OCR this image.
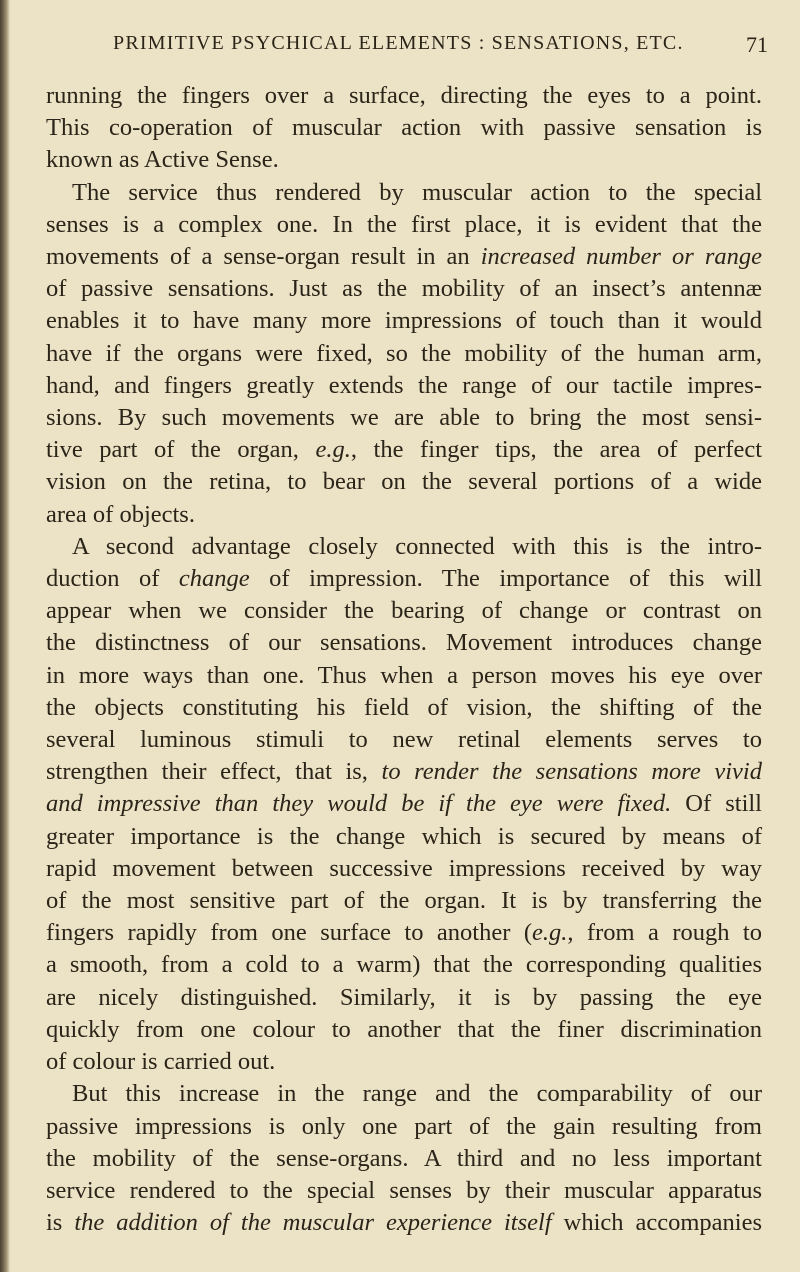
PRIMITIVE PSYCHICAL ELEMENTS : SENSATIONS, ETC.	71
running the fingers over a surface, directing the eyes to a point.
This co-operation of muscular action with passive sensation is
known as Active Sense.
The service thus rendered by muscular action to the special
senses is a complex one. In the first place, it is evident that the
movements of a sense-organ result in an increased number or range
of passive sensations. Just as the mobility of an insect’s antennæ
enables it to have many more impressions of touch than it would
have if the organs were fixed, so the mobility of the human arm,
hand, and fingers greatly extends the range of our tactile impres-
sions. By such movements we are able to bring the most sensi-
tive part of the organ, e.g., the finger tips, the area of perfect
vision on the retina, to bear on the several portions of a wide
area of objects.
A second advantage closely connected with this is the intro-
duction of change of impression. The importance of this will
appear when we consider the bearing of change or contrast on
the distinctness of our sensations. Movement introduces change
in more ways than one. Thus when a person moves his eye over
the objects constituting his field of vision, the shifting of the
several luminous stimuli to new retinal elements serves to
strengthen their effect, that is, to render the sensations more vivid
and impressive than they would be if the eye were fixed. Of still
greater importance is the change which is secured by means of
rapid movement between successive impressions received by way
of the most sensitive part of the organ. It is by transferring the
fingers rapidly from one surface to another (e.g., from a rough to
a smooth, from a cold to a warm) that the corresponding qualities
are nicely distinguished. Similarly, it is by passing the eye
quickly from one colour to another that the finer discrimination
of colour is carried out.
But this increase in the range and the comparability of our
passive impressions is only one part of the gain resulting from
the mobility of the sense-organs. A third and no less important
service rendered to the special senses by their muscular apparatus
is the addition of the muscular experience itself which accompanies
